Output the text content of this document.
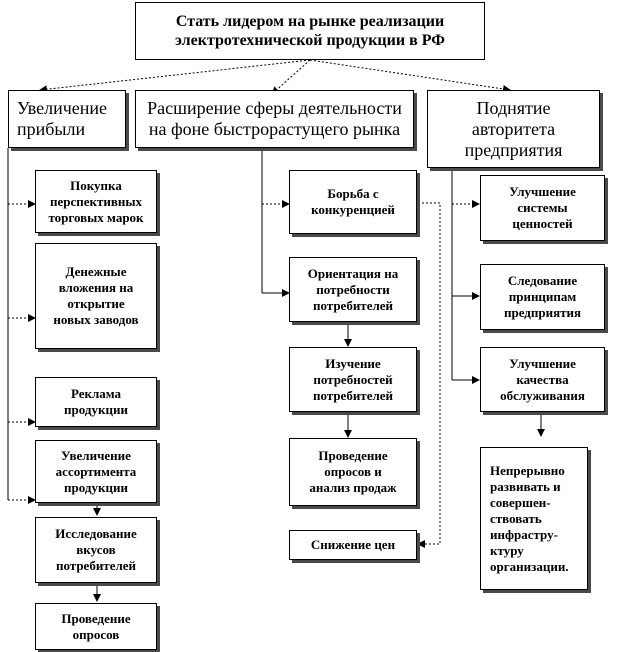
Стать лидером на рынке реализации
электротехнической продукции в РФ
Увеличение
прибыли
Расширение сферы деятельности
на фоне быстрорастущего рынка
Поднятие
авторитета
предприятия
Покупка
перспективных
торговых марок
Денежные
вложения на
открытие
новых заводов
Реклама
продукции
Увеличение
ассортимента
продукции
Исследование
вкусов
потребителей
Проведение
опросов
Борьба с
конкуренцией
Ориентация на
потребности
потребителей
Изучение
потребностей
потребителей
Проведение
опросов и
анализ продаж
Снижение цен
Улучшение
системы
ценностей
Следование
принципам
предприятия
Улучшение
качества
обслуживания
Непрерывно
развивать и
совершен-
ствовать
инфрастру-
ктуру
организации.
